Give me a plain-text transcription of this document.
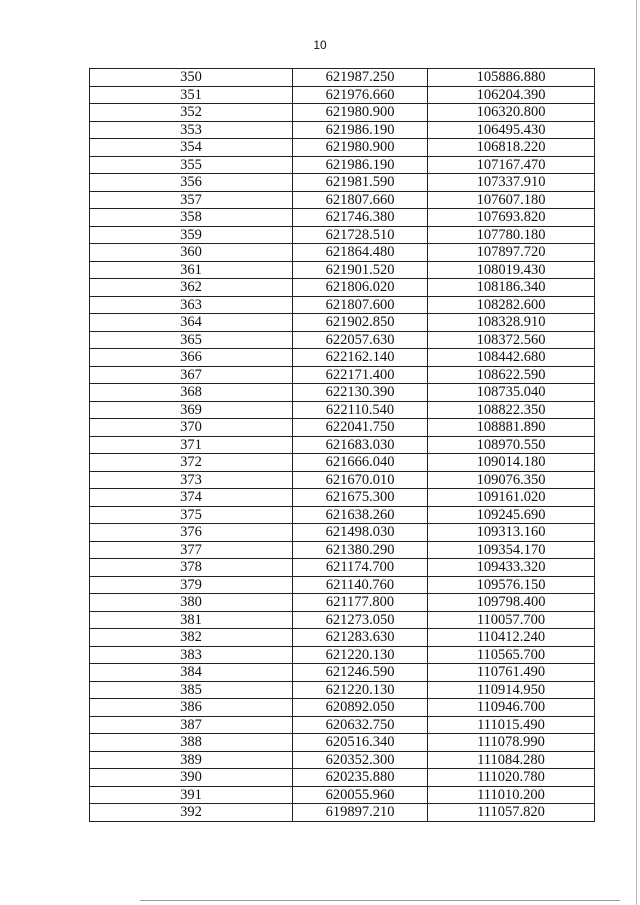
10
350	621987.250	105886.880
351	621976.660	106204.390
352	621980.900	106320.800
353	621986.190	106495.430
354	621980.900	106818.220
355	621986.190	107167.470
356	621981.590	107337.910
357	621807.660	107607.180
358	621746.380	107693.820
359	621728.510	107780.180
360	621864.480	107897.720
361	621901.520	108019.430
362	621806.020	108186.340
363	621807.600	108282.600
364	621902.850	108328.910
365	622057.630	108372.560
366	622162.140	108442.680
367	622171.400	108622.590
368	622130.390	108735.040
369	622110.540	108822.350
370	622041.750	108881.890
371	621683.030	108970.550
372	621666.040	109014.180
373	621670.010	109076.350
374	621675.300	109161.020
375	621638.260	109245.690
376	621498.030	109313.160
377	621380.290	109354.170
378	621174.700	109433.320
379	621140.760	109576.150
380	621177.800	109798.400
381	621273.050	110057.700
382	621283.630	110412.240
383	621220.130	110565.700
384	621246.590	110761.490
385	621220.130	110914.950
386	620892.050	110946.700
387	620632.750	111015.490
388	620516.340	111078.990
389	620352.300	111084.280
390	620235.880	111020.780
391	620055.960	111010.200
392	619897.210	111057.820
